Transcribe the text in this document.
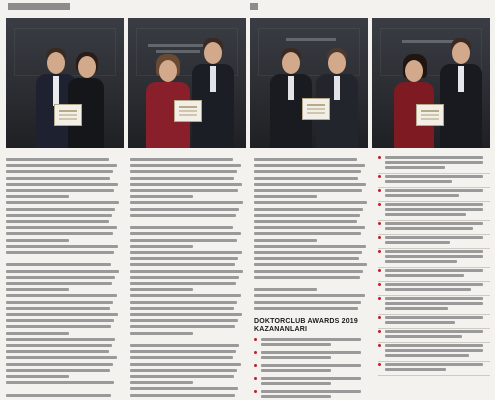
DOKTORCLUB AWARDS 2019 KAZANANLARI
